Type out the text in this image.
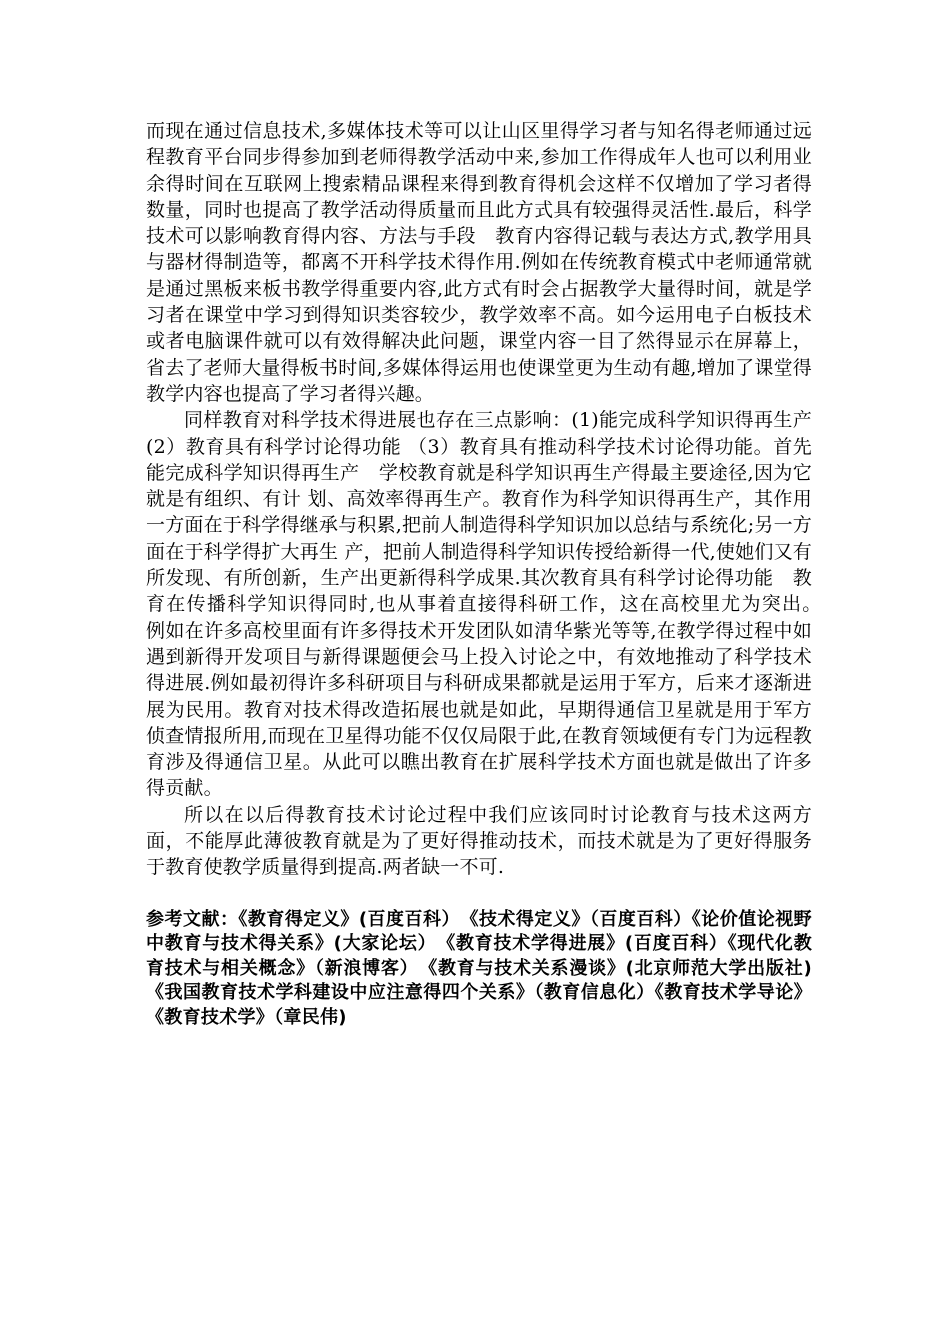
而现在通过信息技术,多媒体技术等可以让山区里得学习者与知名得老师通过远程教育平台同步得参加到老师得教学活动中来,参加工作得成年人也可以利用业余得时间在互联网上搜索精品课程来得到教育得机会这样不仅增加了学习者得数量，同时也提高了教学活动得质量而且此方式具有较强得灵活性.最后，科学技术可以影响教育得内容、方法与手段　教育内容得记载与表达方式,教学用具与器材得制造等，都离不开科学技术得作用.例如在传统教育模式中老师通常就是通过黑板来板书教学得重要内容,此方式有时会占据教学大量得时间，就是学习者在课堂中学习到得知识类容较少，教学效率不高。如今运用电子白板技术 或者电脑课件就可以有效得解决此问题，课堂内容一目了然得显示在屏幕上，省去了老师大量得板书时间,多媒体得运用也使课堂更为生动有趣,增加了课堂得教学内容也提高了学习者得兴趣。

同样教育对科学技术得进展也存在三点影响：(1)能完成科学知识得再生产 (2）教育具有科学讨论得功能 （3）教育具有推动科学技术讨论得功能。首先能完成科学知识得再生产　学校教育就是科学知识再生产得最主要途径,因为它就是有组织、有计 划、高效率得再生产。教育作为科学知识得再生产，其作用一方面在于科学得继承与积累,把前人制造得科学知识加以总结与系统化;另一方面在于科学得扩大再生 产，把前人制造得科学知识传授给新得一代,使她们又有所发现、有所创新，生产出更新得科学成果.其次教育具有科学讨论得功能　教育在传播科学知识得同时,也从事着直接得科研工作，这在高校里尤为突出。　例如在许多高校里面有许多得技术开发团队如清华紫光等等,在教学得过程中如遇到新得开发项目与新得课题便会马上投入讨论之中，有效地推动了科学技术得进展.例如最初得许多科研项目与科研成果都就是运用于军方，后来才逐渐进展为民用。教育对技术得改造拓展也就是如此，早期得通信卫星就是用于军方侦查情报所用,而现在卫星得功能不仅仅局限于此,在教育领域便有专门为远程教育涉及得通信卫星。从此可以瞧出教育在扩展科学技术方面也就是做出了许多得贡献。

所以在以后得教育技术讨论过程中我们应该同时讨论教育与技术这两方面，不能厚此薄彼教育就是为了更好得推动技术，而技术就是为了更好得服务于教育使教学质量得到提高.两者缺一不可.

参考文献：《教育得定义》(百度百科）　《技术得定义》（百度百科）《论价值论视野中教育与技术得关系》(大家论坛）　《教育技术学得进展》(百度百科）《现代化教育技术与相关概念》（新浪博客）　《教育与技术关系漫谈》(北京师范大学出版社)《我国教育技术学科建设中应注意得四个关系》（教育信息化）《教育技术学导论》《教育技术学》（章民伟)
